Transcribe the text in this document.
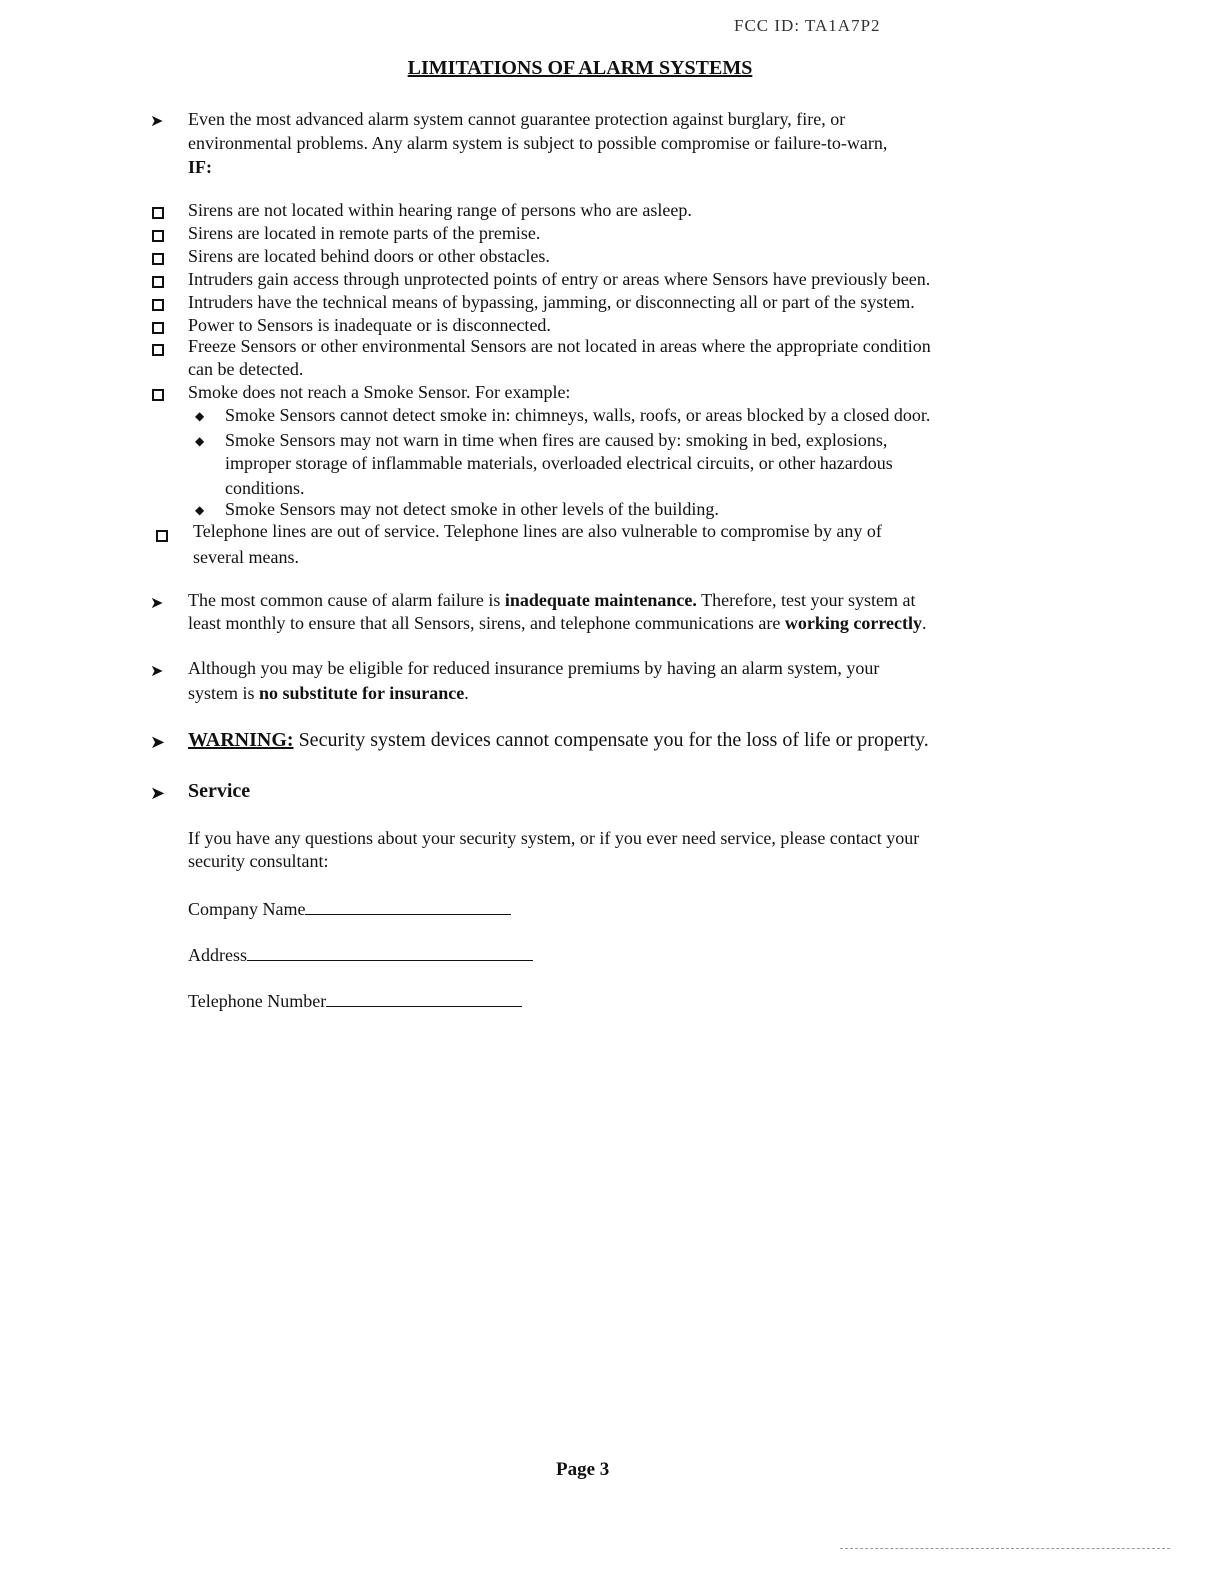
FCC ID: TA1A7P2
LIMITATIONS OF ALARM SYSTEMS
➤ Even the most advanced alarm system cannot guarantee protection against burglary, fire, or
environmental problems. Any alarm system is subject to possible compromise or failure-to-warn,
IF:
Sirens are not located within hearing range of persons who are asleep.
Sirens are located in remote parts of the premise.
Sirens are located behind doors or other obstacles.
Intruders gain access through unprotected points of entry or areas where Sensors have previously been.
Intruders have the technical means of bypassing, jamming, or disconnecting all or part of the system.
Power to Sensors is inadequate or is disconnected.
Freeze Sensors or other environmental Sensors are not located in areas where the appropriate condition
can be detected.
Smoke does not reach a Smoke Sensor. For example:
◆ Smoke Sensors cannot detect smoke in: chimneys, walls, roofs, or areas blocked by a closed door.
◆ Smoke Sensors may not warn in time when fires are caused by: smoking in bed, explosions,
improper storage of inflammable materials, overloaded electrical circuits, or other hazardous
conditions.
◆ Smoke Sensors may not detect smoke in other levels of the building.
Telephone lines are out of service. Telephone lines are also vulnerable to compromise by any of
several means.
➤ The most common cause of alarm failure is inadequate maintenance. Therefore, test your system at
least monthly to ensure that all Sensors, sirens, and telephone communications are working correctly.
➤ Although you may be eligible for reduced insurance premiums by having an alarm system, your
system is no substitute for insurance.
➤ WARNING: Security system devices cannot compensate you for the loss of life or property.
➤ Service
If you have any questions about your security system, or if you ever need service, please contact your
security consultant:
Company Name
Address
Telephone Number
Page 3
